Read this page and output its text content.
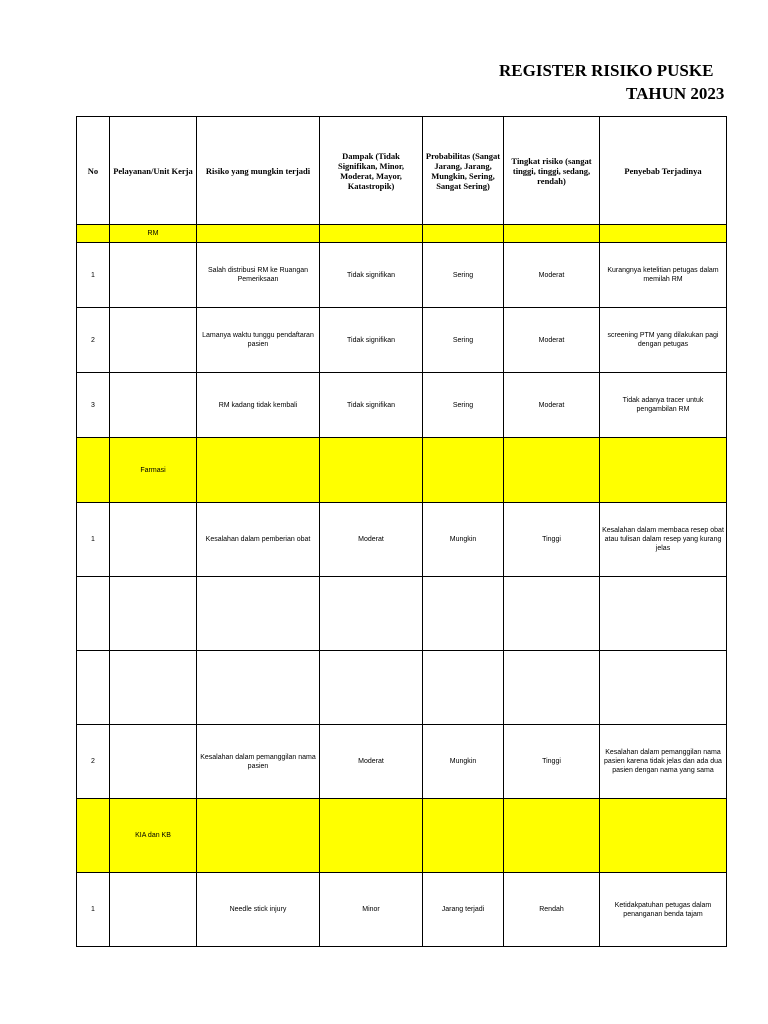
REGISTER RISIKO PUSKE
TAHUN 2023
No	Pelayanan/Unit Kerja	Risiko yang mungkin terjadi	Dampak (Tidak Signifikan, Minor, Moderat, Mayor, Katastropik)	Probabilitas (Sangat Jarang, Jarang, Mungkin, Sering, Sangat Sering)	Tingkat risiko (sangat tinggi, tinggi, sedang, rendah)	Penyebab Terjadinya
	RM					
1		Salah distribusi RM ke Ruangan Pemeriksaan	Tidak signifikan	Sering	Moderat	Kurangnya ketelitian petugas dalam memilah RM
2		Lamanya waktu tunggu pendaftaran pasien	Tidak signifikan	Sering	Moderat	screening PTM yang dilakukan pagi dengan petugas
3		RM kadang tidak kembali	Tidak signifikan	Sering	Moderat	Tidak adanya tracer untuk pengambilan RM
	Farmasi					
1		Kesalahan dalam pemberian obat	Moderat	Mungkin	Tinggi	Kesalahan dalam membaca resep obat atau tulisan dalam resep yang kurang jelas

2		Kesalahan dalam pemanggilan nama pasien	Moderat	Mungkin	Tinggi	Kesalahan dalam pemanggilan nama pasien karena tidak jelas dan ada dua pasien dengan nama yang sama
	KIA dan KB					
1		Needle stick injury	Minor	Jarang terjadi	Rendah	Ketidakpatuhan petugas dalam penanganan benda tajam
